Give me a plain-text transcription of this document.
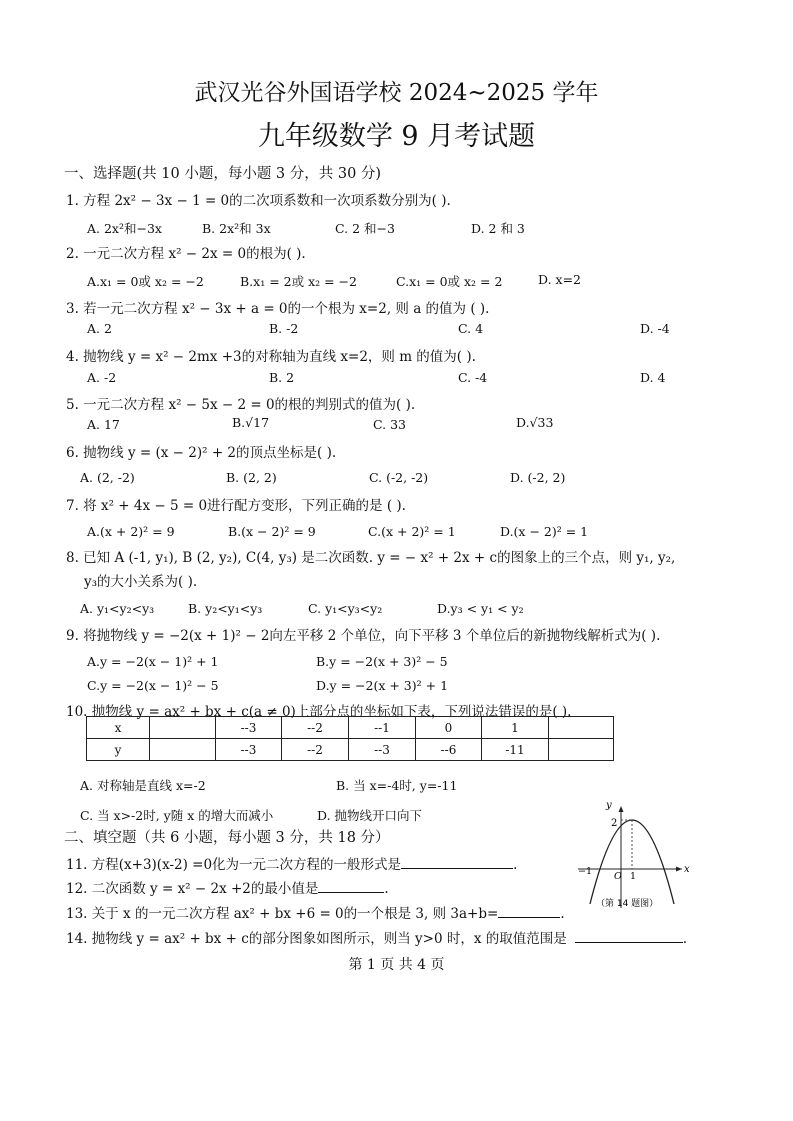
武汉光谷外国语学校 2024~2025 学年
九年级数学 9 月考试题
一、选择题(共 10 小题，每小题 3 分，共 30 分)
1. 方程 2x² − 3x − 1 = 0的二次项系数和一次项系数分别为( ).
A. 2x²和−3x	B. 2x²和 3x	C. 2 和−3	D. 2 和 3
2. 一元二次方程 x² − 2x = 0的根为( ).
A.x₁ = 0或 x₂ = −2	B.x₁ = 2或 x₂ = −2	C.x₁ = 0或 x₂ = 2	D. x=2
3. 若一元二次方程 x² − 3x + a = 0的一个根为 x=2, 则 a 的值为 ( ).
A. 2	B. -2	C. 4	D. -4
4. 抛物线 y = x² − 2mx +3的对称轴为直线 x=2，则 m 的值为( ).
A. -2	B. 2	C. -4	D. 4
5. 一元二次方程 x² − 5x − 2 = 0的根的判别式的值为( ).
A. 17	B.√17	C. 33	D.√33
6. 抛物线 y = (x − 2)² + 2的顶点坐标是( ).
A. (2, -2)	B. (2, 2)	C. (-2, -2)	D. (-2, 2)
7. 将 x² + 4x − 5 = 0进行配方变形，下列正确的是 ( ).
A.(x + 2)² = 9	B.(x − 2)² = 9	C.(x + 2)² = 1	D.(x − 2)² = 1
8. 已知 A (-1, y₁), B (2, y₂), C(4, y₃) 是二次函数. y = − x² + 2x + c的图象上的三个点，则 y₁, y₂,
y₃的大小关系为( ).
A. y₁<y₂<y₃	B. y₂<y₁<y₃	C. y₁<y₃<y₂	D.y₃ < y₁ < y₂
9. 将抛物线 y = −2(x + 1)² − 2向左平移 2 个单位，向下平移 3 个单位后的新抛物线解析式为( ).
A.y = −2(x − 1)² + 1	B.y = −2(x + 3)² − 5
C.y = −2(x − 1)² − 5	D.y = −2(x + 3)² + 1
10. 抛物线 y = ax² + bx + c(a ≠ 0)上部分点的坐标如下表，下列说法错误的是( ).
x		--3	--2	--1	0	1	
y		--3	--2	--3	--6	-11	
A. 对称轴是直线 x=-2	B. 当 x=-4时, y=-11
C. 当 x>-2时, y随 x 的增大而减小	D. 抛物线开口向下
二、填空题（共 6 小题，每小题 3 分，共 18 分）
11. 方程(x+3)(x-2) =0化为一元二次方程的一般形式是	.
12. 二次函数 y = x² − 2x +2的最小值是	.
13. 关于 x 的一元二次方程 ax² + bx +6 = 0的一个根是 3, 则 3a+b=	.
14. 抛物线 y = ax² + bx + c的部分图象如图所示，则当 y>0 时，x 的取值范围是	.
y
x
2
−1 O 1
（第 14 题图）
第 1 页 共 4 页
